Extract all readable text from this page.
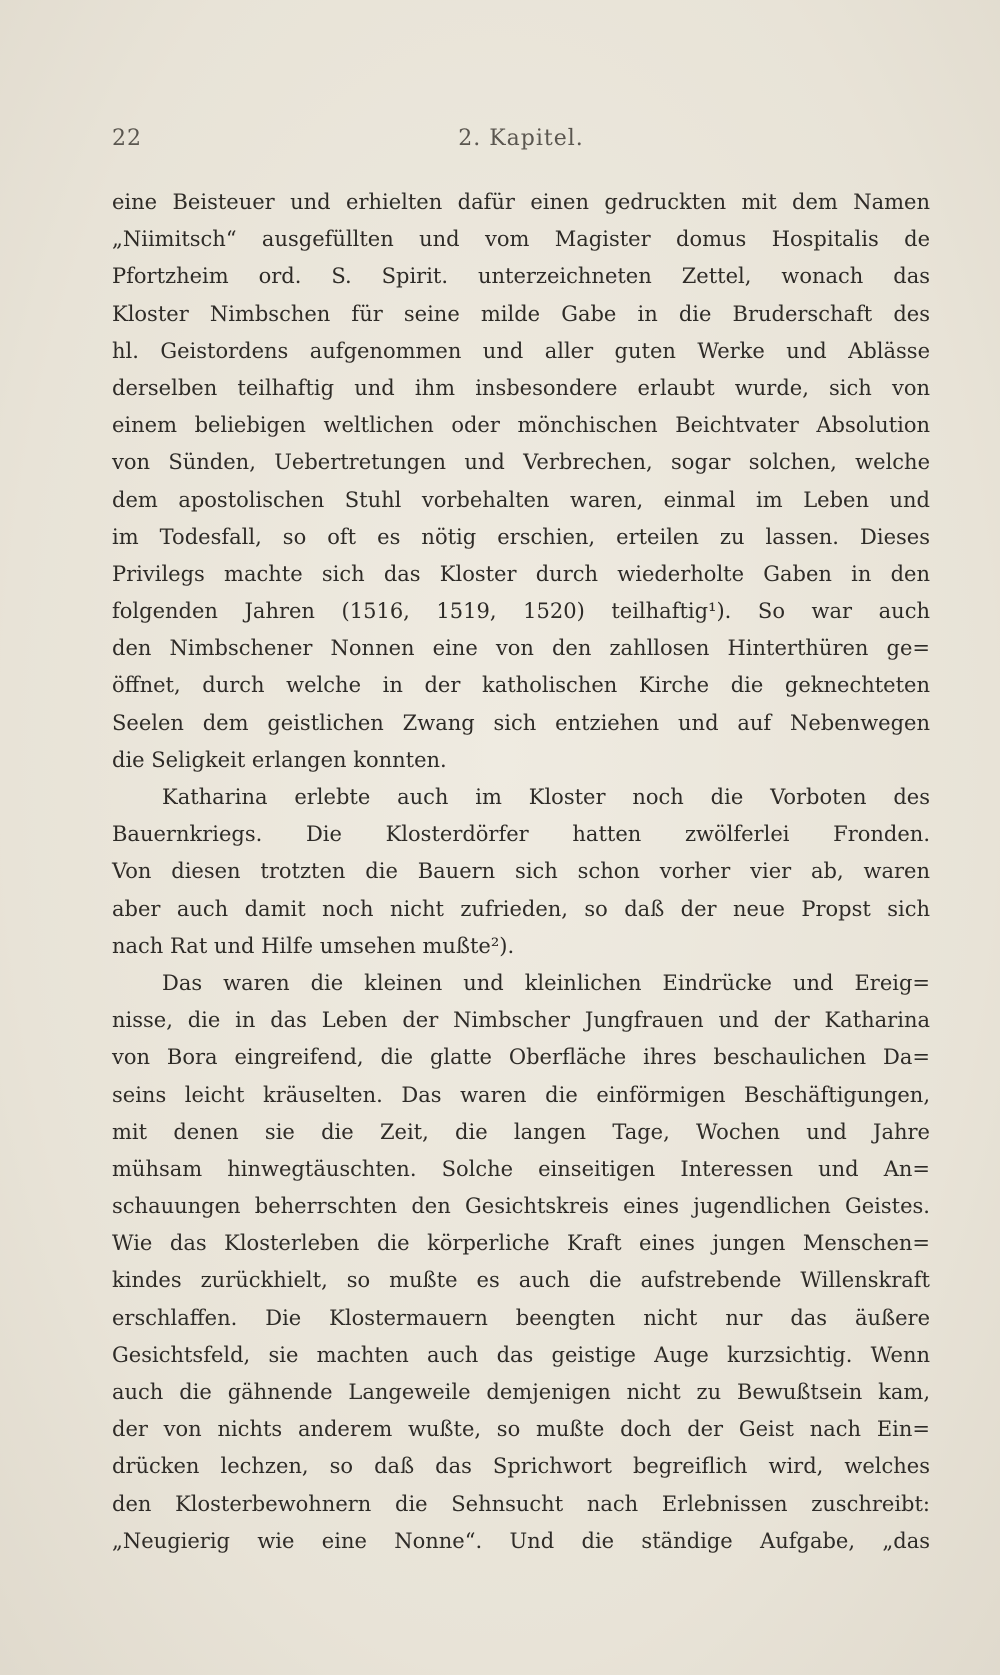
22	2. Kapitel.
eine Beisteuer und erhielten dafür einen gedruckten mit dem Namen
„Niimitsch“ ausgefüllten und vom Magister domus Hospitalis de
Pfortzheim ord. S. Spirit. unterzeichneten Zettel, wonach das
Kloster Nimbschen für seine milde Gabe in die Bruderschaft des
hl. Geistordens aufgenommen und aller guten Werke und Ablässe
derselben teilhaftig und ihm insbesondere erlaubt wurde, sich von
einem beliebigen weltlichen oder mönchischen Beichtvater Absolution
von Sünden, Uebertretungen und Verbrechen, sogar solchen, welche
dem apostolischen Stuhl vorbehalten waren, einmal im Leben und
im Todesfall, so oft es nötig erschien, erteilen zu lassen. Dieses
Privilegs machte sich das Kloster durch wiederholte Gaben in den
folgenden Jahren (1516, 1519, 1520) teilhaftig¹). So war auch
den Nimbschener Nonnen eine von den zahllosen Hinterthüren ge=
öffnet, durch welche in der katholischen Kirche die geknechteten
Seelen dem geistlichen Zwang sich entziehen und auf Nebenwegen
die Seligkeit erlangen konnten.
Katharina erlebte auch im Kloster noch die Vorboten des
Bauernkriegs. Die Klosterdörfer hatten zwölferlei Fronden.
Von diesen trotzten die Bauern sich schon vorher vier ab, waren
aber auch damit noch nicht zufrieden, so daß der neue Propst sich
nach Rat und Hilfe umsehen mußte²).
Das waren die kleinen und kleinlichen Eindrücke und Ereig=
nisse, die in das Leben der Nimbscher Jungfrauen und der Katharina
von Bora eingreifend, die glatte Oberfläche ihres beschaulichen Da=
seins leicht kräuselten. Das waren die einförmigen Beschäftigungen,
mit denen sie die Zeit, die langen Tage, Wochen und Jahre
mühsam hinwegtäuschten. Solche einseitigen Interessen und An=
schauungen beherrschten den Gesichtskreis eines jugendlichen Geistes.
Wie das Klosterleben die körperliche Kraft eines jungen Menschen=
kindes zurückhielt, so mußte es auch die aufstrebende Willenskraft
erschlaffen. Die Klostermauern beengten nicht nur das äußere
Gesichtsfeld, sie machten auch das geistige Auge kurzsichtig. Wenn
auch die gähnende Langeweile demjenigen nicht zu Bewußtsein kam,
der von nichts anderem wußte, so mußte doch der Geist nach Ein=
drücken lechzen, so daß das Sprichwort begreiflich wird, welches
den Klosterbewohnern die Sehnsucht nach Erlebnissen zuschreibt:
„Neugierig wie eine Nonne“. Und die ständige Aufgabe, „das
